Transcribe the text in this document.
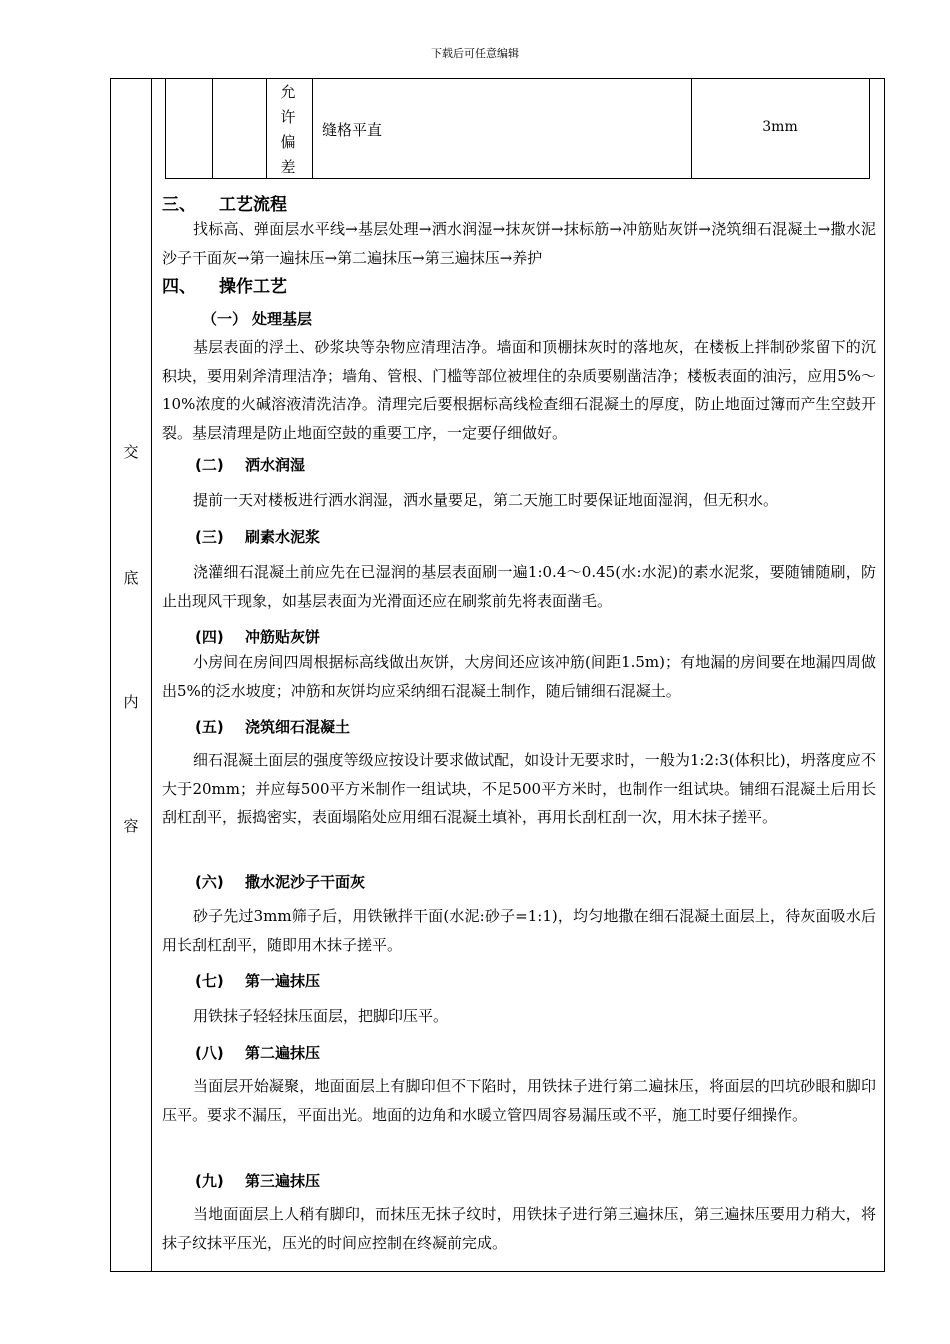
下载后可任意编辑
交
底
内
容
允
许
偏
差
缝格平直	3mm
三、 工艺流程
找标高、弹面层水平线→基层处理→洒水润湿→抹灰饼→抹标筋→冲筋贴灰饼→浇筑细石混凝土→撒水泥沙子干面灰→第一遍抹压→第二遍抹压→第三遍抹压→养护
四、 操作工艺
（一） 处理基层
基层表面的浮土、砂浆块等杂物应清理洁净。墙面和顶棚抹灰时的落地灰，在楼板上拌制砂浆留下的沉积块，要用剁斧清理洁净；墙角、管根、门槛等部位被埋住的杂质要剔凿洁净；楼板表面的油污，应用5%～10%浓度的火碱溶液清洗洁净。清理完后要根据标高线检查细石混凝土的厚度，防止地面过簿而产生空鼓开裂。基层清理是防止地面空鼓的重要工序，一定要仔细做好。
(二) 洒水润湿
提前一天对楼板进行洒水润湿，洒水量要足，第二天施工时要保证地面湿润，但无积水。
(三) 刷素水泥浆
浇灌细石混凝土前应先在已湿润的基层表面刷一遍1:0.4～0.45(水:水泥)的素水泥浆，要随铺随刷，防止出现风干现象，如基层表面为光滑面还应在刷浆前先将表面凿毛。
(四) 冲筋贴灰饼
小房间在房间四周根据标高线做出灰饼，大房间还应该冲筋(间距1.5m)；有地漏的房间要在地漏四周做出5%的泛水坡度；冲筋和灰饼均应采纳细石混凝土制作，随后铺细石混凝土。
(五) 浇筑细石混凝土
细石混凝土面层的强度等级应按设计要求做试配，如设计无要求时，一般为1:2:3(体积比)，坍落度应不大于20mm；并应每500平方米制作一组试块，不足500平方米时，也制作一组试块。铺细石混凝土后用长刮杠刮平，振捣密实，表面塌陷处应用细石混凝土填补，再用长刮杠刮一次，用木抹子搓平。
(六) 撒水泥沙子干面灰
砂子先过3mm筛子后，用铁锹拌干面(水泥:砂子=1:1)，均匀地撒在细石混凝土面层上，待灰面吸水后用长刮杠刮平，随即用木抹子搓平。
(七) 第一遍抹压
用铁抹子轻轻抹压面层，把脚印压平。
(八) 第二遍抹压
当面层开始凝聚，地面面层上有脚印但不下陷时，用铁抹子进行第二遍抹压，将面层的凹坑砂眼和脚印压平。要求不漏压，平面出光。地面的边角和水暖立管四周容易漏压或不平，施工时要仔细操作。
(九) 第三遍抹压
当地面面层上人稍有脚印，而抹压无抹子纹时，用铁抹子进行第三遍抹压，第三遍抹压要用力稍大，将抹子纹抹平压光，压光的时间应控制在终凝前完成。
